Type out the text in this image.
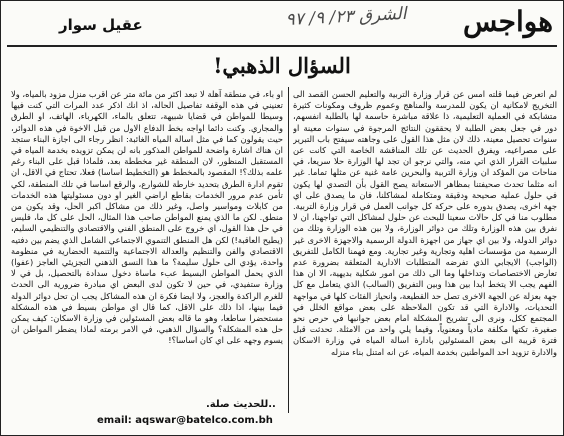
هواجس
الشرق ٢٣/ ٩/ ٩٧
عقيل سوار
السؤال الذهبي!

لم اتعرض فيما قلته امس عن قرار وزارة التربية والتعليم الحسن القصد الى التخريج لامكانية ان يكون للمدرسة والمناهج وعموم ظروف ومكونات كثيرة متشابكة في العملية التعليمية، ذا علاقة مباشرة حاسمة لها بالطلبة انفسهم، دور في جعل بعض الطلبة لا يحققون النتائج المرجوة في سنوات معينة او سنوات تحصيل معينة، ذلك لان مثل هذا القول على وجاهته سيفتح باب التبرير على مصراعيه، ويفرق الحديث عن تلك المناقشة الخاصة التي كانت عن سلبيات القرار الذي اتي منه، والتي نرجو ان تجد لها الوزارة حلا سريعا، في مناحات من المؤكد ان وزارة التربية والبحرين عامة غنية عن مثلها تماما. غير انه مثلما تحدث صحيفتنا بمظاهر الاستعانة يصح القول بأن التصدي لها يكون في حلول عملية صحيحة ودقيقة ومتكاملة لمشاكلنا، فان ما يصدق على اي جهة اخرى، يصدق بدوره على حركة كل جوانب العمل في قرار وزارة التربية. مطلوب منا في كل حالات سعينا للبحث عن حلول لمشاكل التي تواجهنا، ان لا نفرق بين هذه الوزارة وتلك من دوائر الوزارة، ولا بين هذه الوزارة وتلك من دوائر الدولة، ولا بين اي جهاز من اجهزة الدولة الرسمية والاجهزة الاخرى غير الرسمية من مؤسسات اهلية وتجارية وغير تجارية. ومع فهمنا الكامل للتفريق (الواجب) الايجابي الذي تفرضه المتطلبات الادارية المتعلقة بضرورة عدم تعارض الاختصاصات وتداخلها وما الى ذلك من امور شكلية بديهية، الا ان هذا الفهم يجب الا يتخط ابدا بين هذا وبين التفريق (السالب) الذي يتعامل مع كل جهة بعزلة عن الجهة الاخرى تصل حد القطيعة، وانحياز الفئات كلها في مواجهة التحديات، والادارة التي قد تكون الملاحظة على بعض مواقع الخلل في المجتمع ككل، ونرى الى تشريح المشكلة امام بعض جوانبها في حرص نحو صغيرة، تكتها مكلفة مادياً ومعنوياً، وفيما يلي واحد من الامثلة. تحدثت قبل فترة قريبة الى بعض المسئولين بادارة اسالة المياه في وزارة الاسكان والادارة تزويد احد المواطنين بخدمة المياه، عن انه امتنل بناء منزله

او باء، في منطقة آهلة لا تبعد اكثر من مائة متر عن اقرب منزل مزود بالمياه، ولا تعنيني في هذه الوقفة تفاصيل الحالة، اذ انك اذكر عدد المرات التي كنت فيها وسيطا للمواطن في قضايا شبيهة، تتعلق بالماء، الكهرباء، الهاتف، او الطرق والمجاري. وكنت دائما اواجه بخط الدفاع الاول من قبل الاخوة في هذه الدوائر، حيث يقولون كما في مثل اسالة المياه الغائبة: انظر رجاء الى اجازة البناء ستجد ان هناك اشارة واضحة للمواطن المذكور بانه لن يمكن تزويده بخدمة المياه في المستقبل المنظور، لان المنطقة غير مخططة بعد، فلماذا قبل على البناء رغم علمه بذلك؟! المقصود بالمخطط هو (التخطيط اساسا) فعلا، تحتاج في الاقل، ان تقوم ادارة الطرق بتحديد خارطة للشوارع، والرقع اساسا في تلك المنطقة، لكي تأمن عدم مرور الخدمات بقاطع اراضي الغير او دون مسئوليتها هذه الخدمات من كابلات ومواسير واصل، وغير ذلك من مشاكل اكبر الحل، وقد يكون من منطق. لكن ما الذي يمنع المواطن صاحب هذا المثال، الحل على كل ما، فليس في حل هذا القول، اي خروج على المنطق الفني والاقتصادي والتنظيمي السليم، (يطيح العاقبة!) لكن هل المنطق التنموي الاجتماعي الشامل الذي يضم بين دفتيه الاقتصادي والفن والتنظيم والعدالة الاجتماعية والتنمية الحضارية في منظومة واحدة، يؤدي الى حلول سليمة؟ ما هذا النسق الذهني التجزيئي العاجز (عفوا) الذي يحمل المواطن البسيط عبء ماساة دخول سدادة بالتحصيل، بل في لا وزارة ستفيدي، في حين لا تكون لدى البعض اي مبادرة ضرورية الى الحدث للغرم الراكدة والعجز، ولا ايضا فكرة ان هذه المشاكل يجب ان تحل دوائر الدولة فيما بينها، اذا ذلك على الاقل، كما قال اي مواطن بسيط في هذه المشكلة مستحضرا ساطعا، وهو ما قاله بعض المسئولين في وزارة الاسكان: كيف يمكن حل هذه المشكلة؟ والسؤال الذهبي، في الامر برمته لماذا يضطر المواطن ان يسوم وجهه على اي كان اساسا؟!

..للحديث صلة.
email: aqswar@batelco.com.bh
